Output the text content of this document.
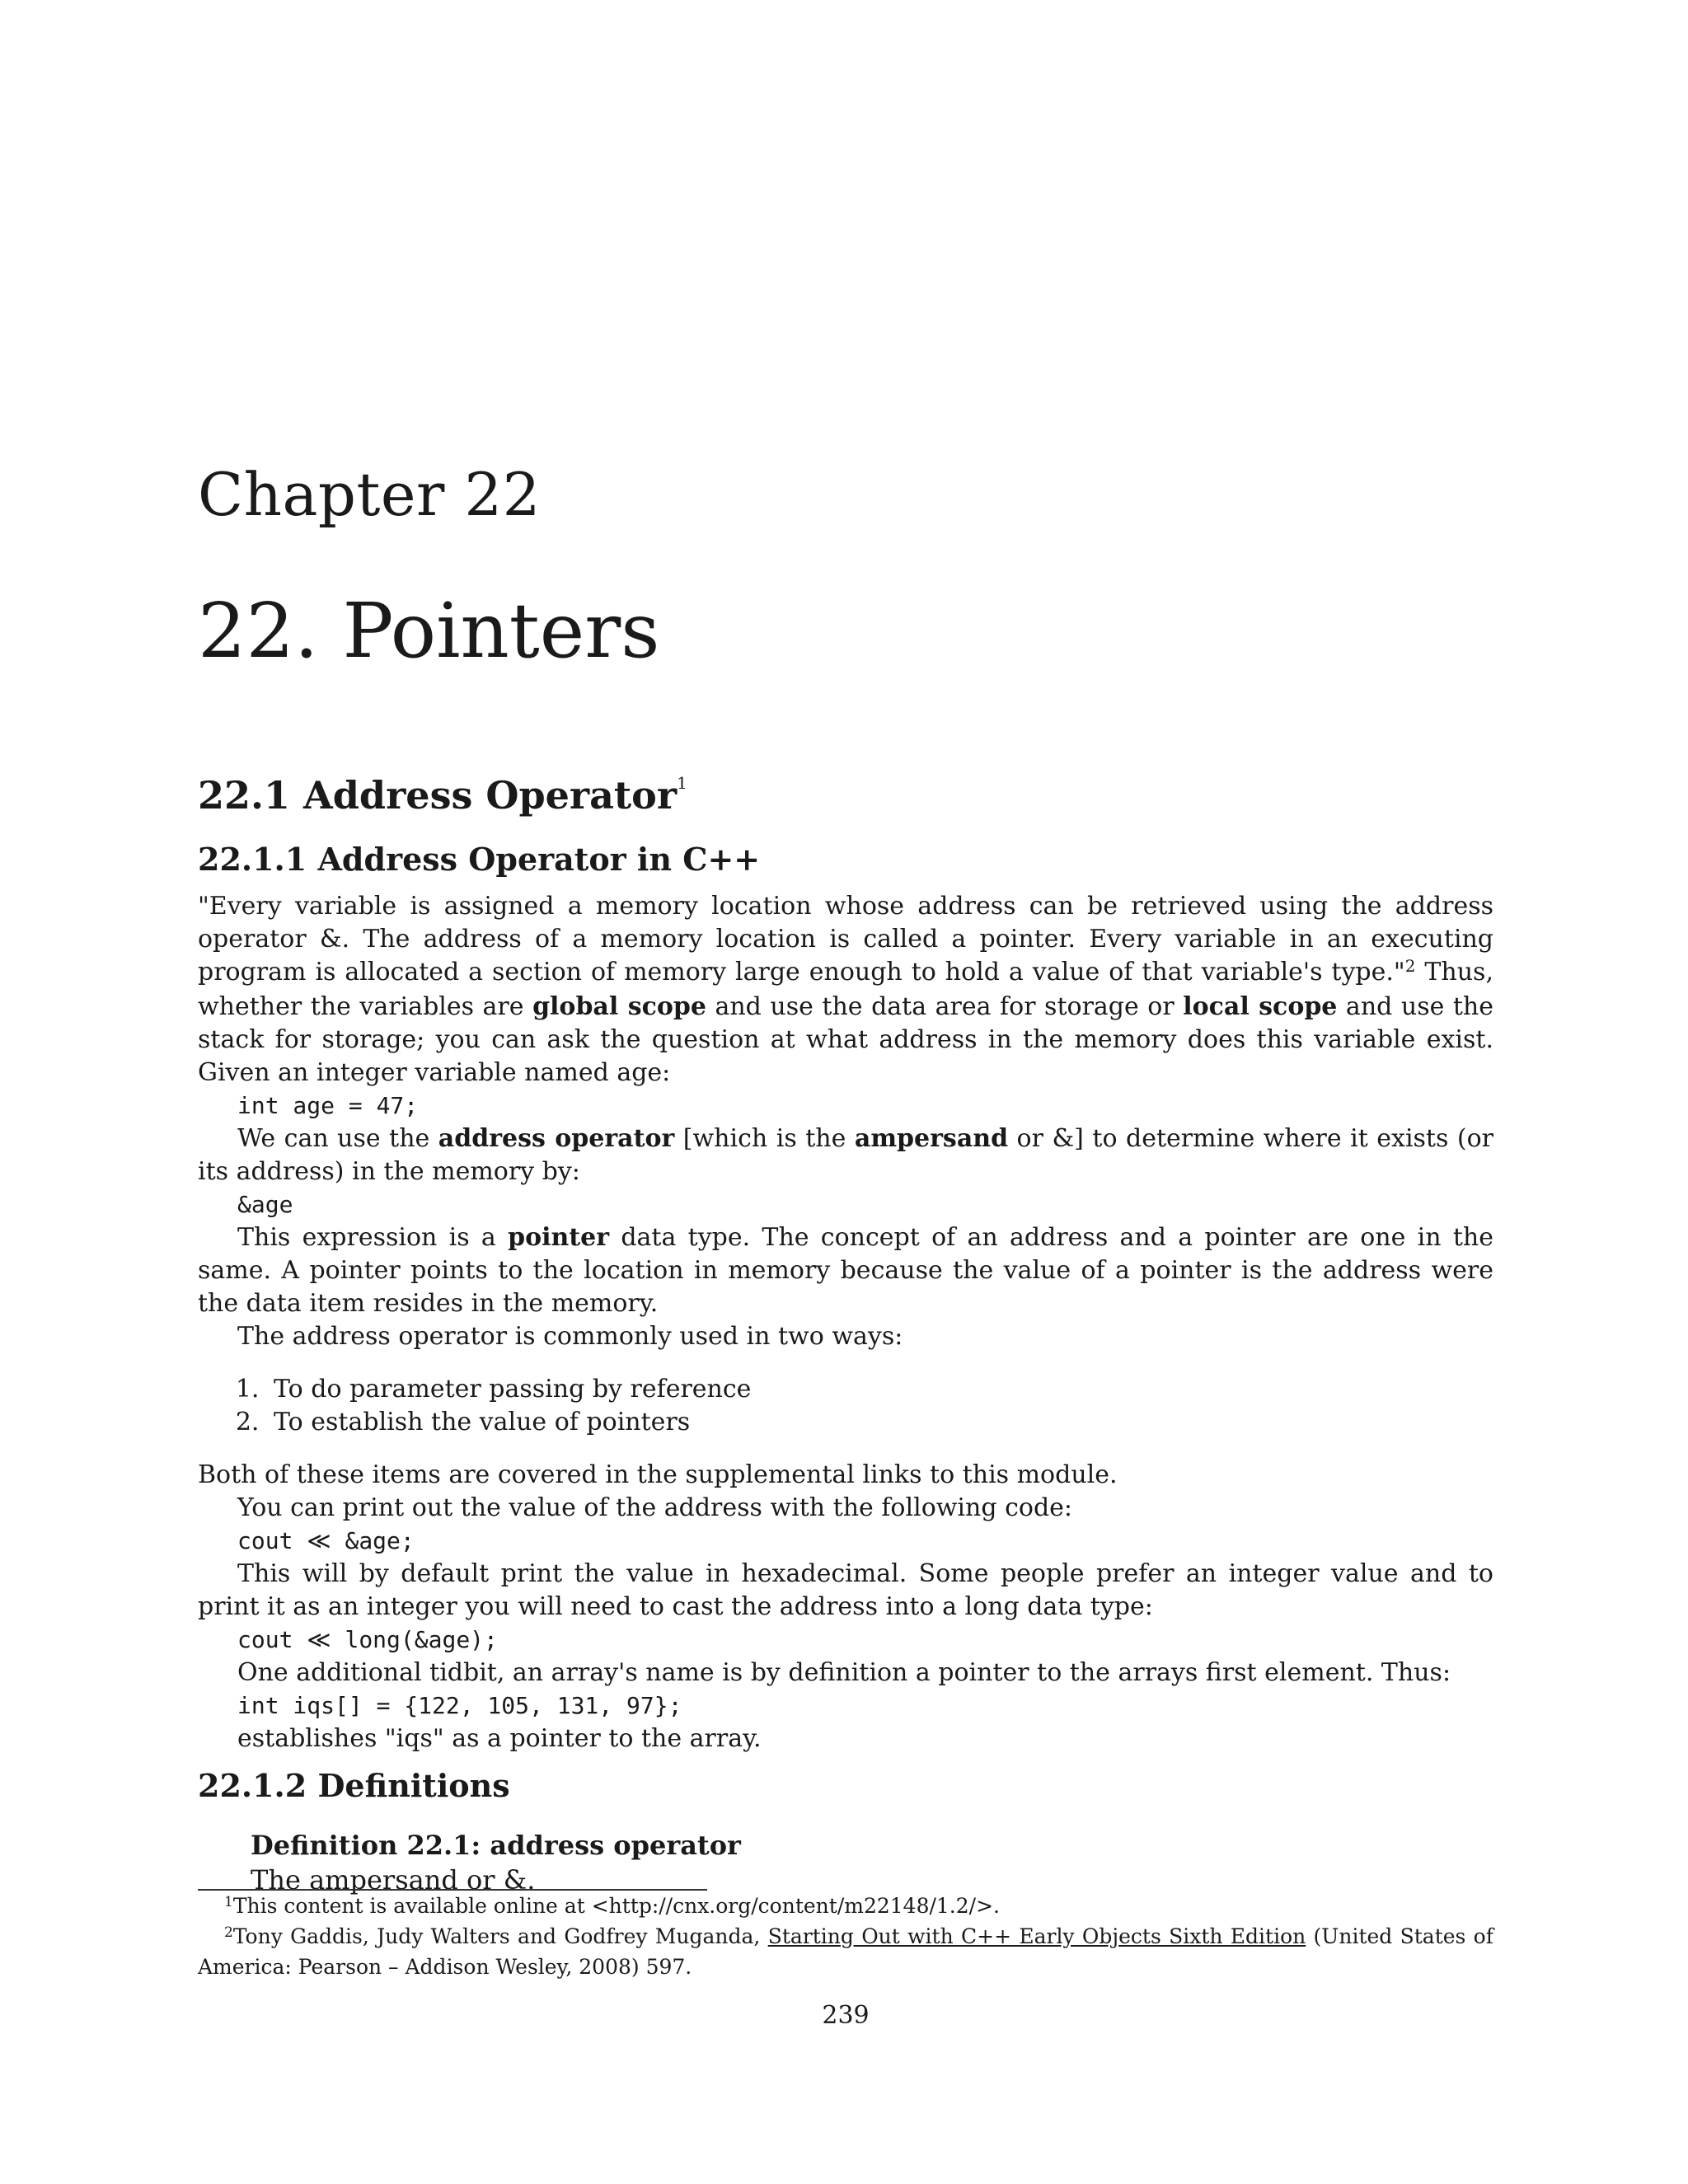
Chapter 22
22. Pointers
22.1 Address Operator$^1$
22.1.1 Address Operator in C++

"Every variable is assigned a memory location whose address can be retrieved using the address operator &. The address of a memory location is called a pointer. Every variable in an executing program is allocated a section of memory large enough to hold a value of that variable's type."$^2$ Thus, whether the variables are global scope and use the data area for storage or local scope and use the stack for storage; you can ask the question at what address in the memory does this variable exist. Given an integer variable named age:

int age = 47;

We can use the address operator [which is the ampersand or &] to determine where it exists (or its address) in the memory by:

&age

This expression is a pointer data type. The concept of an address and a pointer are one in the same. A pointer points to the location in memory because the value of a pointer is the address were the data item resides in the memory.

The address operator is commonly used in two ways:

1. To do parameter passing by reference
2. To establish the value of pointers

Both of these items are covered in the supplemental links to this module.

You can print out the value of the address with the following code:

cout ≪ &age;

This will by default print the value in hexadecimal. Some people prefer an integer value and to print it as an integer you will need to cast the address into a long data type:

cout ≪ long(&age);

One additional tidbit, an array's name is by definition a pointer to the arrays first element. Thus:

int iqs[] = {122, 105, 131, 97};

establishes "iqs" as a pointer to the array.

22.1.2 Definitions

Definition 22.1: address operator

The ampersand or &.

$^1$This content is available online at <http://cnx.org/content/m22148/1.2/>.

$^2$Tony Gaddis, Judy Walters and Godfrey Muganda, Starting Out with C++ Early Objects Sixth Edition (United States of America: Pearson – Addison Wesley, 2008) 597.

239
